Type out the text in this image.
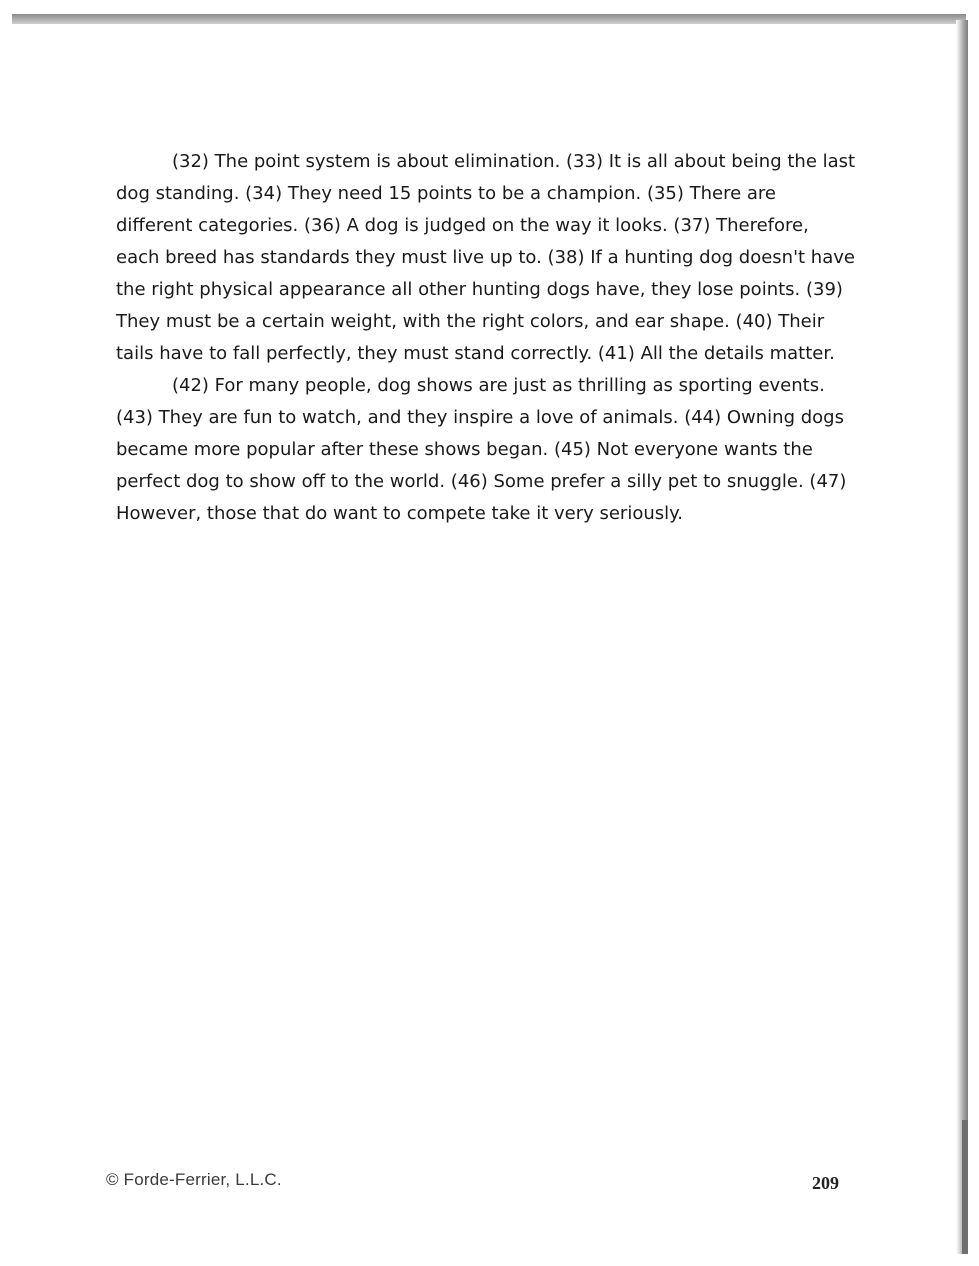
(32) The point system is about elimination. (33) It is all about being the last dog standing. (34) They need 15 points to be a champion. (35) There are different categories. (36) A dog is judged on the way it looks. (37) Therefore, each breed has standards they must live up to. (38) If a hunting dog doesn't have the right physical appearance all other hunting dogs have, they lose points. (39) They must be a certain weight, with the right colors, and ear shape. (40) Their tails have to fall perfectly, they must stand correctly. (41) All the details matter.

(42) For many people, dog shows are just as thrilling as sporting events. (43) They are fun to watch, and they inspire a love of animals. (44) Owning dogs became more popular after these shows began. (45) Not everyone wants the perfect dog to show off to the world. (46) Some prefer a silly pet to snuggle. (47) However, those that do want to compete take it very seriously.

© Forde-Ferrier, L.L.C.	209
